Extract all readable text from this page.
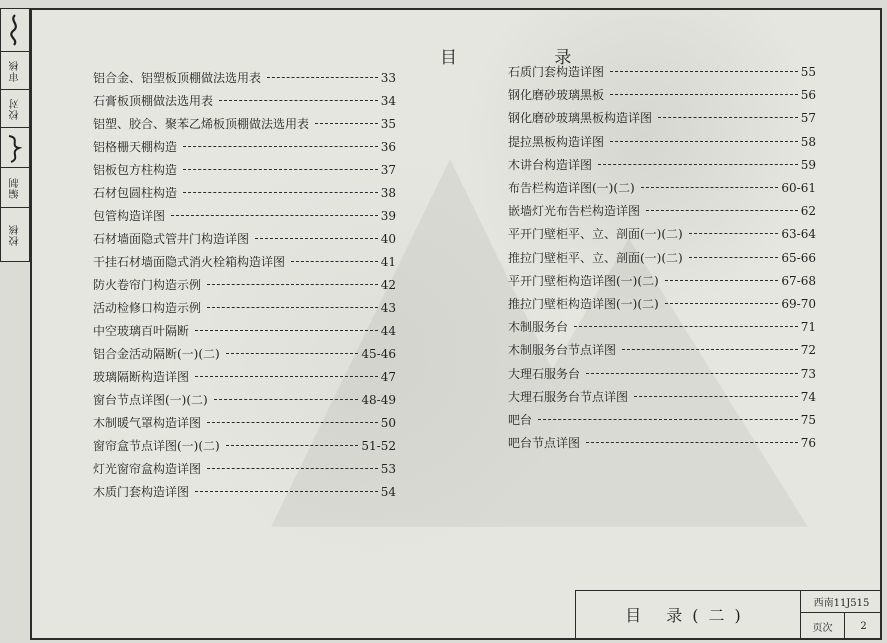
审核
校对
编制
校核
目 录
铝合金、铝塑板顶棚做法选用表	33
石膏板顶棚做法选用表	34
铝塑、胶合、聚苯乙烯板顶棚做法选用表	35
铝格栅天棚构造	36
铝板包方柱构造	37
石材包圆柱构造	38
包管构造详图	39
石材墙面隐式管井门构造详图	40
干挂石材墙面隐式消火栓箱构造详图	41
防火卷帘门构造示例	42
活动检修口构造示例	43
中空玻璃百叶隔断	44
铝合金活动隔断(一)(二)	45-46
玻璃隔断构造详图	47
窗台节点详图(一)(二)	48-49
木制暖气罩构造详图	50
窗帘盒节点详图(一)(二)	51-52
灯光窗帘盒构造详图	53
木质门套构造详图	54
石质门套构造详图	55
钢化磨砂玻璃黑板	56
钢化磨砂玻璃黑板构造详图	57
提拉黑板构造详图	58
木讲台构造详图	59
布告栏构造详图(一)(二)	60-61
嵌墙灯光布告栏构造详图	62
平开门壁柜平、立、剖面(一)(二)	63-64
推拉门壁柜平、立、剖面(一)(二)	65-66
平开门壁柜构造详图(一)(二)	67-68
推拉门壁柜构造详图(一)(二)	69-70
木制服务台	71
木制服务台节点详图	72
大理石服务台	73
大理石服务台节点详图	74
吧台	75
吧台节点详图	76
目 录(二)
西南11J515
页次	2
